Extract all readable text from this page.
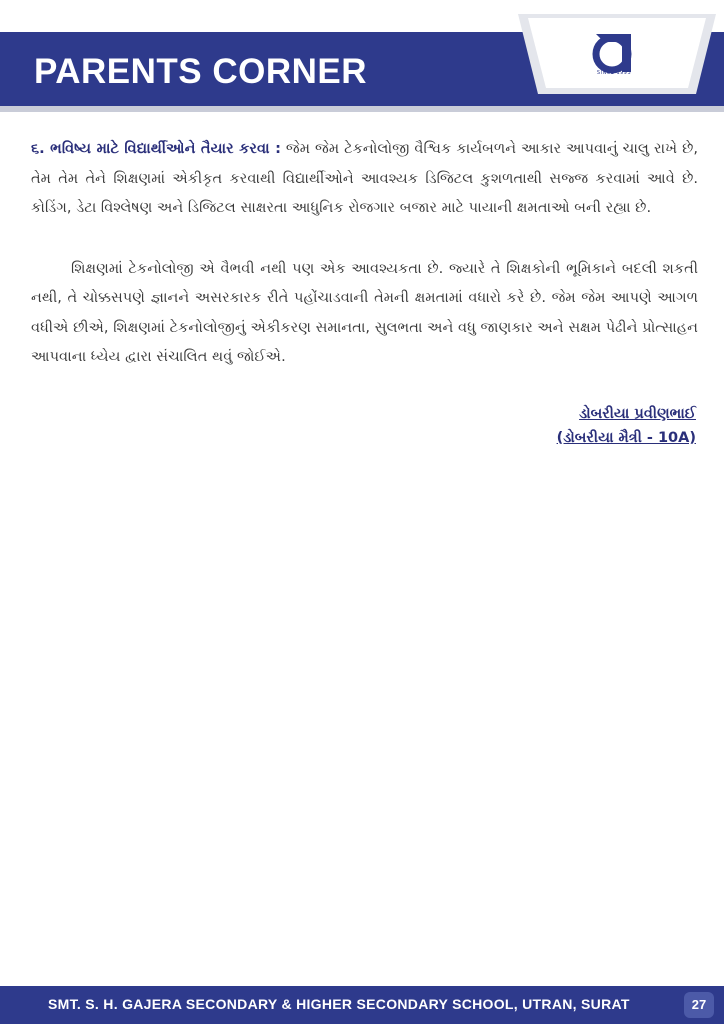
PARENTS CORNER	SINCE 1993

૬. ભવિષ્ય માટે વિદ્યાર્થીઓને તૈયાર કરવા : જેમ જેમ ટેકનોલોજી વૈશ્વિક કાર્યબળને આકાર આપવાનું ચાલુ રાખે છે, તેમ તેમ તેને શિક્ષણમાં એકીકૃત કરવાથી વિદ્યાર્થીઓને આવશ્યક ડિજિટલ કુશળતાથી સજ્જ કરવામાં આવે છે. કોડિંગ, ડેટા વિશ્લેષણ અને ડિજિટલ સાક્ષરતા આધુનિક રોજગાર બજાર માટે પાયાની ક્ષમતાઓ બની રહ્યા છે.

શિક્ષણમાં ટેકનોલોજી એ વૈભવી નથી પણ એક આવશ્યકતા છે. જ્યારે તે શિક્ષકોની ભૂમિકાને બદલી શકતી નથી, તે ચોક્કસપણે જ્ઞાનને અસરકારક રીતે પહોંચાડવાની તેમની ક્ષમતામાં વધારો કરે છે. જેમ જેમ આપણે આગળ વધીએ છીએ, શિક્ષણમાં ટેકનોલોજીનું એકીકરણ સમાનતા, સુલભતા અને વધુ જાણકાર અને સક્ષમ પેઢીને પ્રોત્સાહન આપવાના ધ્યેય દ્વારા સંચાલિત થવું જોઈએ.

ડોબરીયા પ્રવીણભાઈ
(ડોબરીયા મૈત્રી - 10A)
SMT. S. H. GAJERA SECONDARY & HIGHER SECONDARY SCHOOL, UTRAN, SURAT	27
